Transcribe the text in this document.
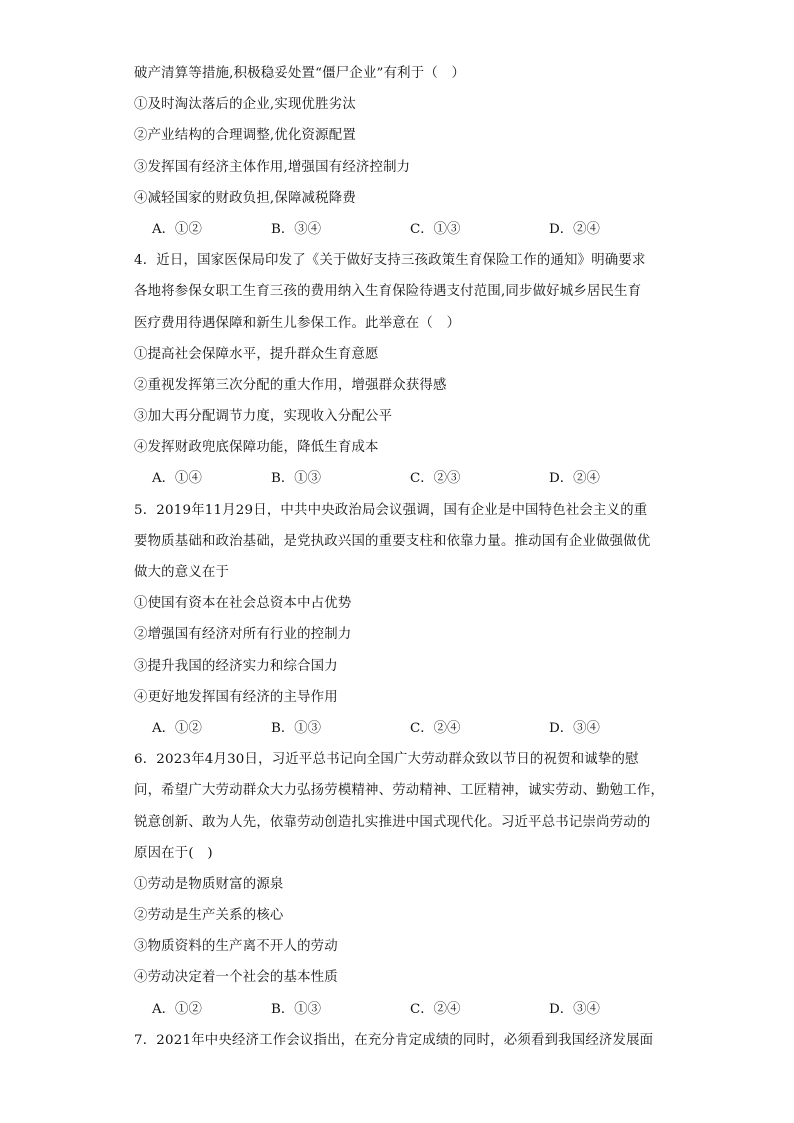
破产清算等措施,积极稳妥处置“僵尸企业”有利于（　）
①及时淘汰落后的企业,实现优胜劣汰
②产业结构的合理调整,优化资源配置
③发挥国有经济主体作用,增强国有经济控制力
④减轻国家的财政负担,保障减税降费
A．①②	B．③④	C．①③	D．②④
4．近日，国家医保局印发了《关于做好支持三孩政策生育保险工作的通知》明确要求
各地将参保女职工生育三孩的费用纳入生育保险待遇支付范围,同步做好城乡居民生育
医疗费用待遇保障和新生儿参保工作。此举意在（　）
①提高社会保障水平，提升群众生育意愿
②重视发挥第三次分配的重大作用，增强群众获得感
③加大再分配调节力度，实现收入分配公平
④发挥财政兜底保障功能，降低生育成本
A．①④	B．①③	C．②③	D．②④
5．2019年11月29日，中共中央政治局会议强调，国有企业是中国特色社会主义的重
要物质基础和政治基础，是党执政兴国的重要支柱和依靠力量。推动国有企业做强做优
做大的意义在于
①使国有资本在社会总资本中占优势
②增强国有经济对所有行业的控制力
③提升我国的经济实力和综合国力
④更好地发挥国有经济的主导作用
A．①②	B．①③	C．②④	D．③④
6．2023年4月30日，习近平总书记向全国广大劳动群众致以节日的祝贺和诚挚的慰
问，希望广大劳动群众大力弘扬劳模精神、劳动精神、工匠精神，诚实劳动、勤勉工作，
锐意创新、敢为人先，依靠劳动创造扎实推进中国式现代化。习近平总书记崇尚劳动的
原因在于(　)
①劳动是物质财富的源泉
②劳动是生产关系的核心
③物质资料的生产离不开人的劳动
④劳动决定着一个社会的基本性质
A．①②	B．①③	C．②④	D．③④
7．2021年中央经济工作会议指出，在充分肯定成绩的同时，必须看到我国经济发展面
